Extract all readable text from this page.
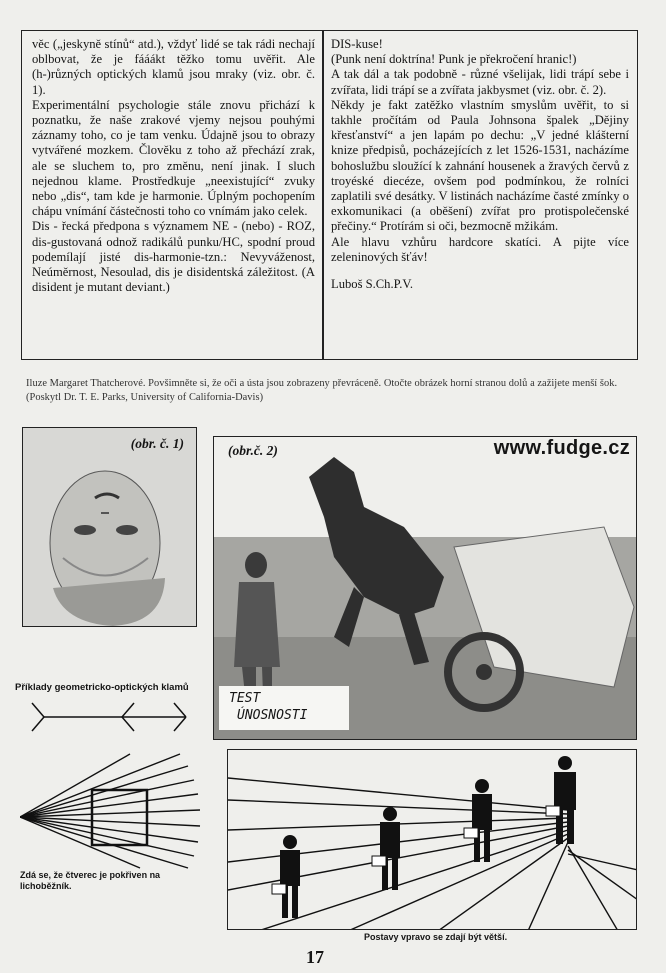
věc („jeskyně stínů“ atd.), vždyť lidé se tak rádi nechají oblbovat, že je fááákt těžko tomu uvěřit. Ale (h-)různých optických klamů jsou mraky (viz. obr. č. 1).

Experimentální psychologie stále znovu přichází k poznatku, že naše zrakové vjemy nejsou pouhými záznamy toho, co je tam venku. Údajně jsou to obrazy vytvářené mozkem. Člověku z toho až přechází zrak, ale se sluchem to, pro změnu, není jinak. I sluch nejednou klame. Prostředkuje „neexistující“ zvuky nebo „dis“, tam kde je harmonie. Úplným pochopením chápu vnímání částečnosti toho co vnímám jako celek.

Dis - řecká předpona s významem NE - (nebo) - ROZ, dis-gustovaná odnož radikálů punku/HC, spodní proud podemílají jisté dis-harmonie-tzn.: Nevyváženost, Neúměrnost, Nesoulad, dis je disidentská záležitost. (A disident je mutant deviant.)

DIS-kuse!

(Punk není doktrína! Punk je překročení hranic!)

A tak dál a tak podobně - různé všelijak, lidi trápí sebe i zvířata, lidi trápí se a zvířata jakbysmet (viz. obr. č. 2).

Někdy je fakt zatěžko vlastním smyslům uvěřit, to si takhle pročítám od Paula Johnsona špalek „Dějiny křesťanství“ a jen lapám po dechu: „V jedné klášterní knize předpisů, pocházejících z let 1526-1531, nacházíme bohoslužbu sloužící k zahnání housenek a žravých červů z troyéské diecéze, ovšem pod podmínkou, že rolníci zaplatili své desátky. V listinách nacházíme časté zmínky o exkomunikaci (a oběšení) zvířat pro protispolečenské přečiny.“ Protírám si oči, bezmocně mžikám.

Ale hlavu vzhůru hardcore skatíci. A pijte více zeleninových šťáv!

Luboš S.Ch.P.V.

Iluze Margaret Thatcherové. Povšimněte si, že oči a ústa jsou zobrazeny převráceně. Otočte obrázek horní stranou dolů a zažijete menší šok. (Poskytl Dr. T. E. Parks, University of California-Davis)
(obr. č. 1)	(obr.č. 2)	www.fudge.cz
TEST
ÚNOSNOSTI
Příklady geometricko-optických klamů
Zdá se, že čtverec je pokřiven na lichoběžník.
Postavy vpravo se zdají být větší.
17
